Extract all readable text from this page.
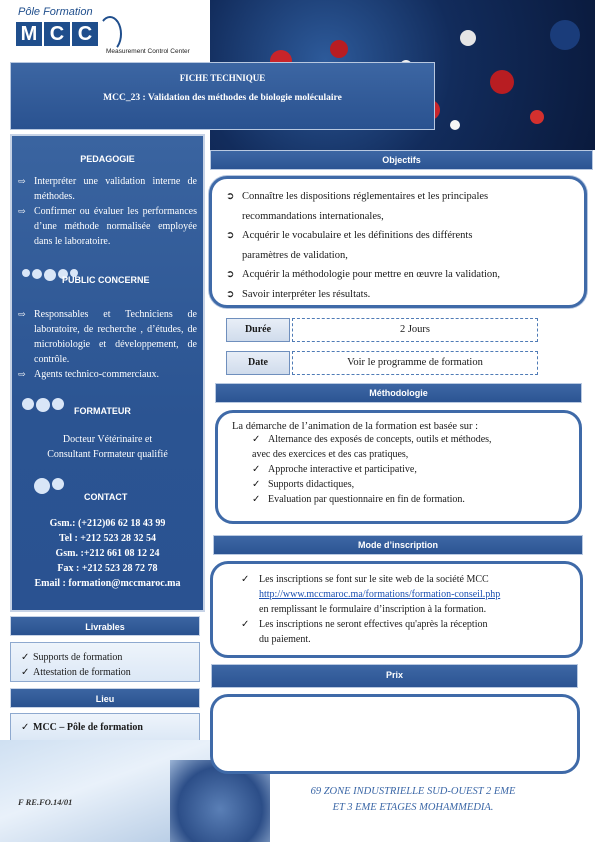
Pôle Formation
M C C
Measurement Control Center
FICHE TECHNIQUE
MCC_23 : Validation des méthodes de biologie moléculaire
PEDAGOGIE
⇨ Interpréter une validation interne de méthodes.
⇨ Confirmer ou évaluer les performances d’une méthode normalisée employée dans le laboratoire.
PUBLIC CONCERNE
⇨ Responsables et Techniciens de laboratoire, de recherche , d’études, de microbiologie et développement, de contrôle.
⇨ Agents technico-commerciaux.
FORMATEUR
Docteur Vétérinaire et
Consultant Formateur qualifié
CONTACT
Gsm.: (+212)06 62 18 43 99
Tel : +212 523 28 32 54
Gsm. :+212 661 08 12 24
Fax : +212 523 28 72 78
Email : formation@mccmaroc.ma
Livrables
✓ Supports de formation
✓ Attestation de formation
Lieu
✓ MCC – Pôle de formation
F RE.FO.14/01
Objectifs
➲ Connaître les dispositions réglementaires et les principales
recommandations internationales,
➲ Acquérir le vocabulaire et les définitions des différents
paramètres de validation,
➲ Acquérir la méthodologie pour mettre en œuvre la validation,
➲ Savoir interpréter les résultats.
Durée	2 Jours
Date	Voir le programme de formation
Méthodologie
La démarche de l’animation de la formation est basée sur :
✓ Alternance des exposés de concepts, outils et méthodes,
avec des exercices et des cas pratiques,
✓ Approche interactive et participative,
✓ Supports didactiques,
✓ Evaluation par questionnaire en fin de formation.
Mode d’inscription
✓ Les inscriptions se font sur le site web de la société MCC
http://www.mccmaroc.ma/formations/formation-conseil.php
en remplissant le formulaire d’inscription à la formation.
✓ Les inscriptions ne seront effectives qu'après la réception
du paiement.
Prix
69 ZONE INDUSTRIELLE SUD-OUEST 2 EME
ET 3 EME ETAGES MOHAMMEDIA.
